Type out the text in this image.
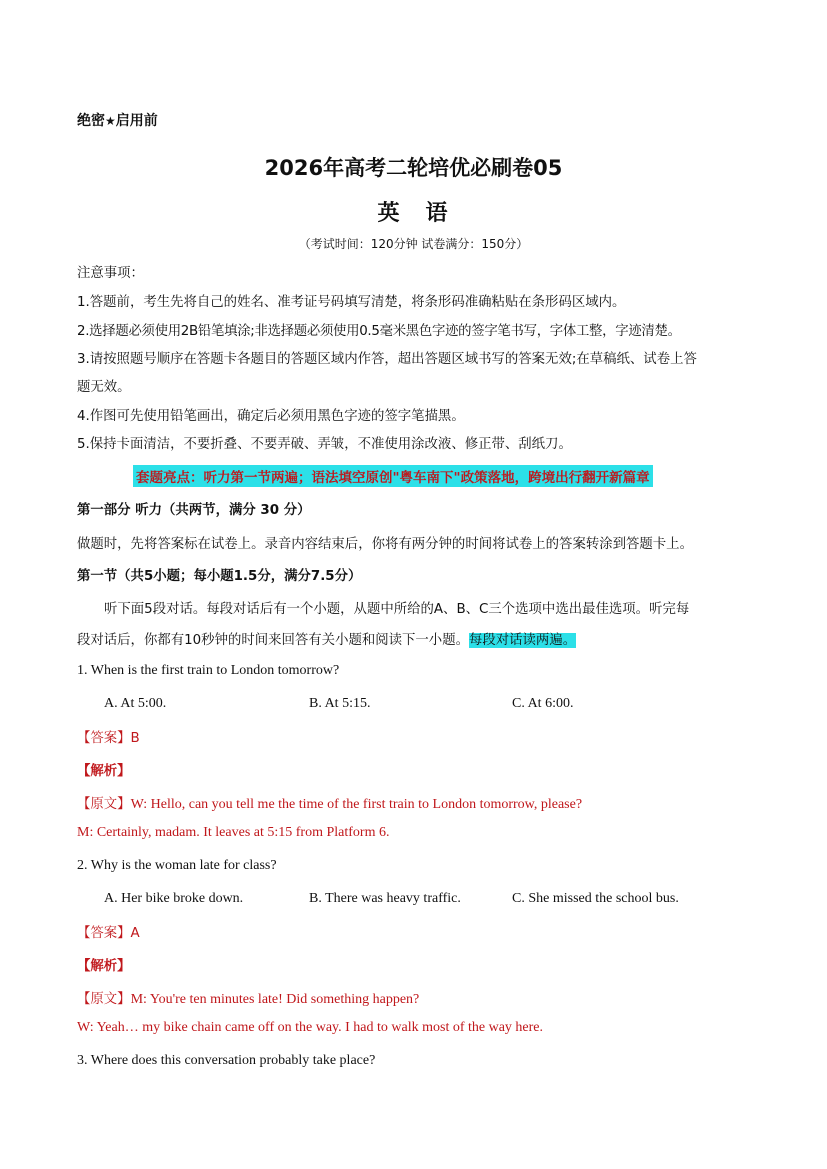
绝密★启用前
2026年高考二轮培优必刷卷05
英 语
（考试时间：120分钟 试卷满分：150分）
注意事项：
1.答题前，考生先将自己的姓名、准考证号码填写清楚，将条形码准确粘贴在条形码区域内。
2.选择题必须使用2B铅笔填涂;非选择题必须使用0.5毫米黑色字迹的签字笔书写，字体工整，字迹清楚。
3.请按照题号顺序在答题卡各题目的答题区域内作答，超出答题区域书写的答案无效;在草稿纸、试卷上答
题无效。
4.作图可先使用铅笔画出，确定后必须用黑色字迹的签字笔描黑。
5.保持卡面清洁，不要折叠、不要弄破、弄皱，不准使用涂改液、修正带、刮纸刀。
套题亮点：听力第一节两遍；语法填空原创"粤车南下"政策落地，跨境出行翻开新篇章
第一部分 听力（共两节，满分 30 分）
做题时，先将答案标在试卷上。录音内容结束后，你将有两分钟的时间将试卷上的答案转涂到答题卡上。
第一节（共5小题；每小题1.5分，满分7.5分）
听下面5段对话。每段对话后有一个小题，从题中所给的A、B、C三个选项中选出最佳选项。听完每
段对话后，你都有10秒钟的时间来回答有关小题和阅读下一小题。每段对话读两遍。
1. When is the first train to London tomorrow?
A. At 5:00.	B. At 5:15.	C. At 6:00.
【答案】B
【解析】
【原文】W: Hello, can you tell me the time of the first train to London tomorrow, please?
M: Certainly, madam. It leaves at 5:15 from Platform 6.
2. Why is the woman late for class?
A. Her bike broke down.	B. There was heavy traffic.	C. She missed the school bus.
【答案】A
【解析】
【原文】M: You're ten minutes late! Did something happen?
W: Yeah… my bike chain came off on the way. I had to walk most of the way here.
3. Where does this conversation probably take place?
